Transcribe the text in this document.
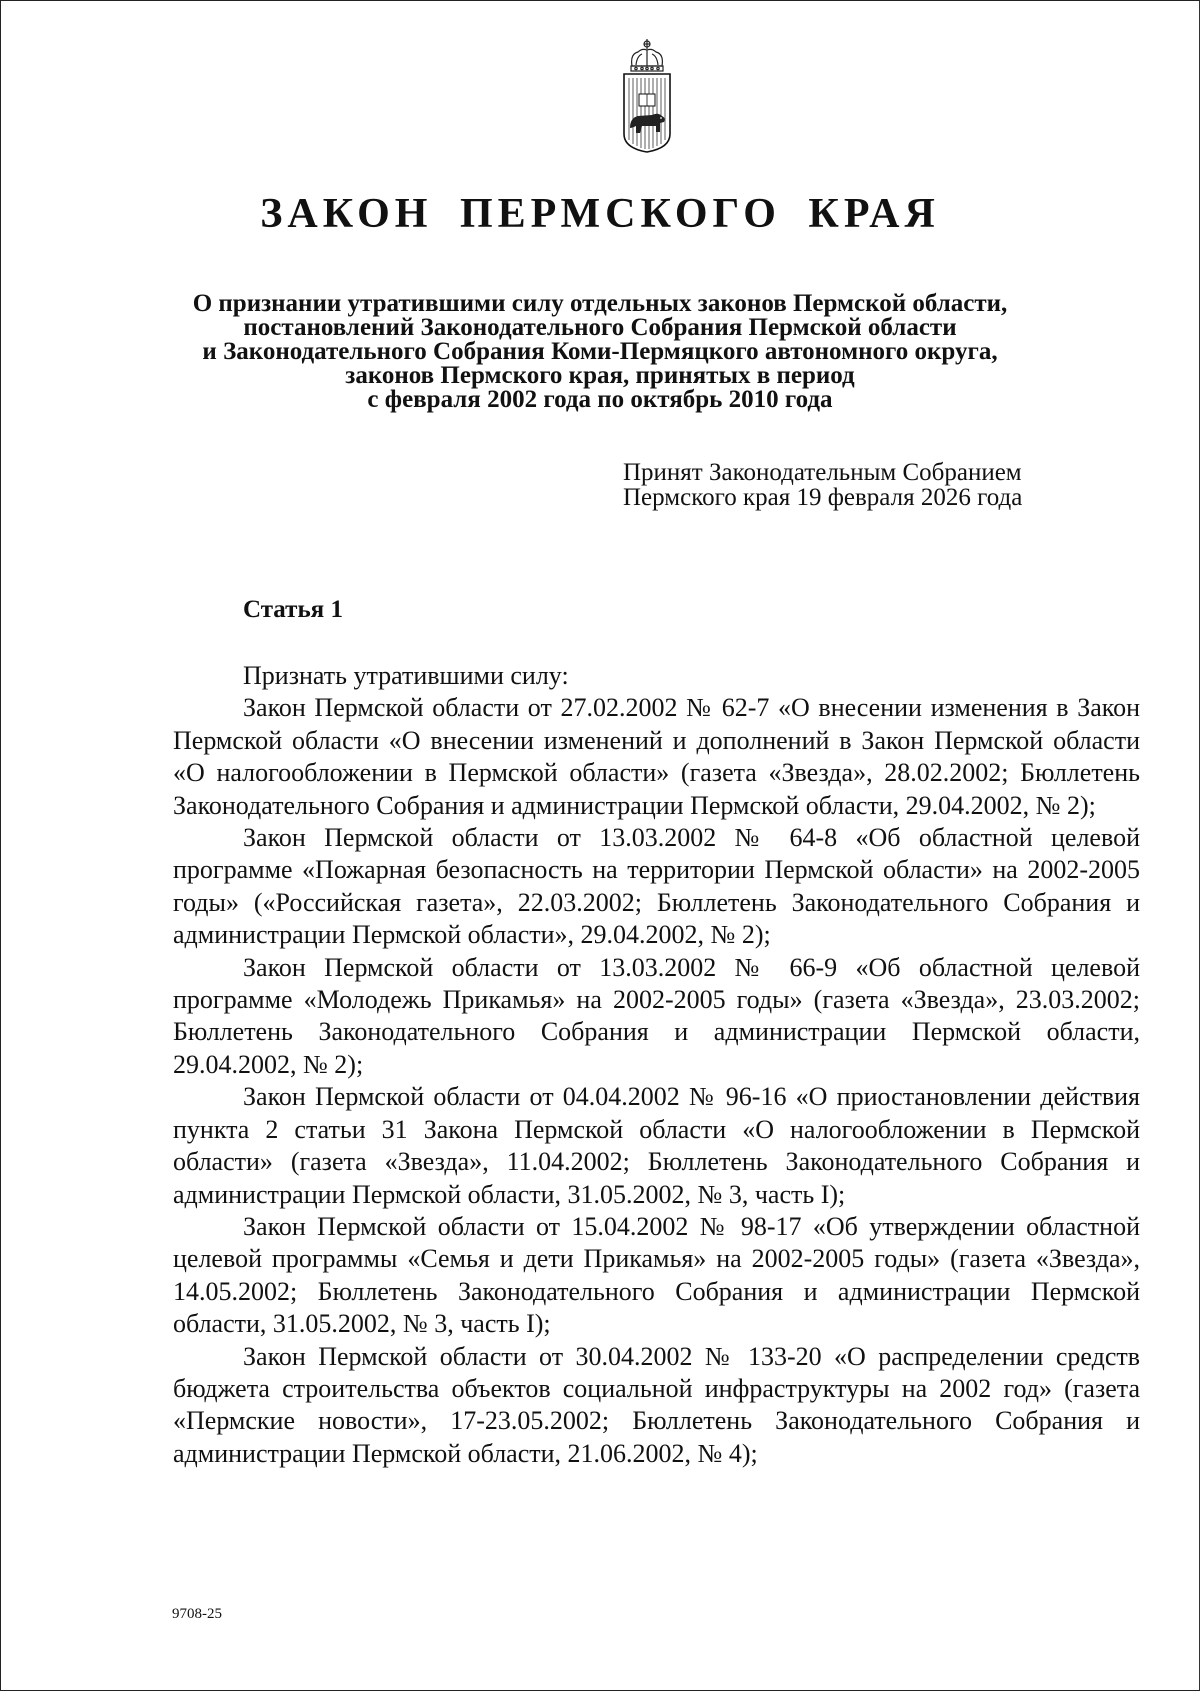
ЗАКОН ПЕРМСКОГО КРАЯ
О признании утратившими силу отдельных законов Пермской области,
постановлений Законодательного Собрания Пермской области
и Законодательного Собрания Коми-Пермяцкого автономного округа,
законов Пермского края, принятых в период
с февраля 2002 года по октябрь 2010 года
Принят Законодательным Собранием
Пермского края 19 февраля 2026 года
Статья 1

Признать утратившими силу:

Закон Пермской области от 27.02.2002 № 62-7 «О внесении изменения в Закон Пермской области «О внесении изменений и дополнений в Закон Пермской области «О налогообложении в Пермской области» (газета «Звезда», 28.02.2002; Бюллетень Законодательного Собрания и администрации Пермской области, 29.04.2002, № 2);

Закон Пермской области от 13.03.2002 № 64-8 «Об областной целевой программе «Пожарная безопасность на территории Пермской области» на 2002-2005 годы» («Российская газета», 22.03.2002; Бюллетень Законодательного Собрания и администрации Пермской области», 29.04.2002, № 2);

Закон Пермской области от 13.03.2002 № 66-9 «Об областной целевой программе «Молодежь Прикамья» на 2002-2005 годы» (газета «Звезда», 23.03.2002; Бюллетень Законодательного Собрания и администрации Пермской области, 29.04.2002, № 2);

Закон Пермской области от 04.04.2002 № 96-16 «О приостановлении действия пункта 2 статьи 31 Закона Пермской области «О налогообложении в Пермской области» (газета «Звезда», 11.04.2002; Бюллетень Законодательного Собрания и администрации Пермской области, 31.05.2002, № 3, часть I);

Закон Пермской области от 15.04.2002 № 98-17 «Об утверждении областной целевой программы «Семья и дети Прикамья» на 2002-2005 годы» (газета «Звезда», 14.05.2002; Бюллетень Законодательного Собрания и администрации Пермской области, 31.05.2002, № 3, часть I);

Закон Пермской области от 30.04.2002 № 133-20 «О распределении средств бюджета строительства объектов социальной инфраструктуры на 2002 год» (газета «Пермские новости», 17-23.05.2002; Бюллетень Законодательного Собрания и администрации Пермской области, 21.06.2002, № 4);

9708-25
